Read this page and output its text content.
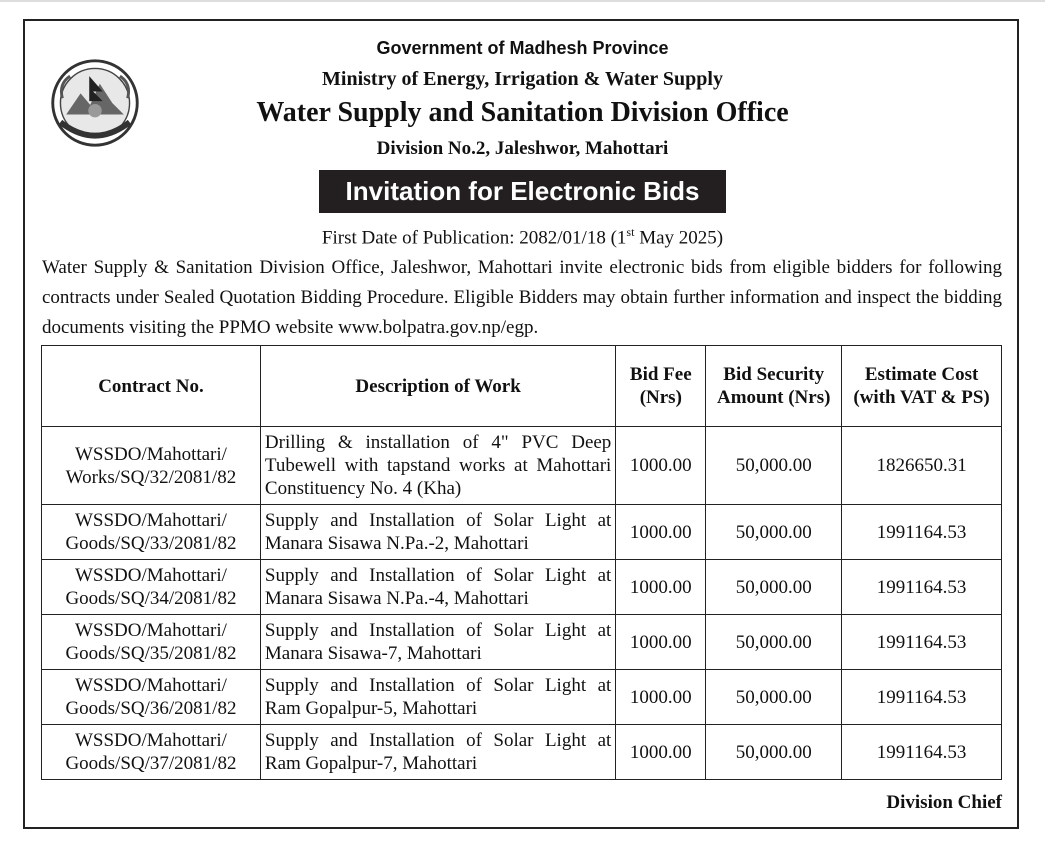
Government of Madhesh Province
Ministry of Energy, Irrigation & Water Supply
Water Supply and Sanitation Division Office
Division No.2, Jaleshwor, Mahottari
Invitation for Electronic Bids
First Date of Publication: 2082/01/18 (1st May 2025)
Water Supply & Sanitation Division Office, Jaleshwor, Mahottari invite electronic bids from eligible bidders for following contracts under Sealed Quotation Bidding Procedure. Eligible Bidders may obtain further information and inspect the bidding documents visiting the PPMO website www.bolpatra.gov.np/egp.
Contract No.	Description of Work	Bid Fee (Nrs)	Bid Security Amount (Nrs)	Estimate Cost (with VAT & PS)
WSSDO/Mahottari/ Works/SQ/32/2081/82	Drilling & installation of 4" PVC Deep Tubewell with tapstand works at Mahottari Constituency No. 4 (Kha)	1000.00	50,000.00	1826650.31
WSSDO/Mahottari/ Goods/SQ/33/2081/82	Supply and Installation of Solar Light at Manara Sisawa N.Pa.-2, Mahottari	1000.00	50,000.00	1991164.53
WSSDO/Mahottari/ Goods/SQ/34/2081/82	Supply and Installation of Solar Light at Manara Sisawa N.Pa.-4, Mahottari	1000.00	50,000.00	1991164.53
WSSDO/Mahottari/ Goods/SQ/35/2081/82	Supply and Installation of Solar Light at Manara Sisawa-7, Mahottari	1000.00	50,000.00	1991164.53
WSSDO/Mahottari/ Goods/SQ/36/2081/82	Supply and Installation of Solar Light at Ram Gopalpur-5, Mahottari	1000.00	50,000.00	1991164.53
WSSDO/Mahottari/ Goods/SQ/37/2081/82	Supply and Installation of Solar Light at Ram Gopalpur-7, Mahottari	1000.00	50,000.00	1991164.53
Division Chief
